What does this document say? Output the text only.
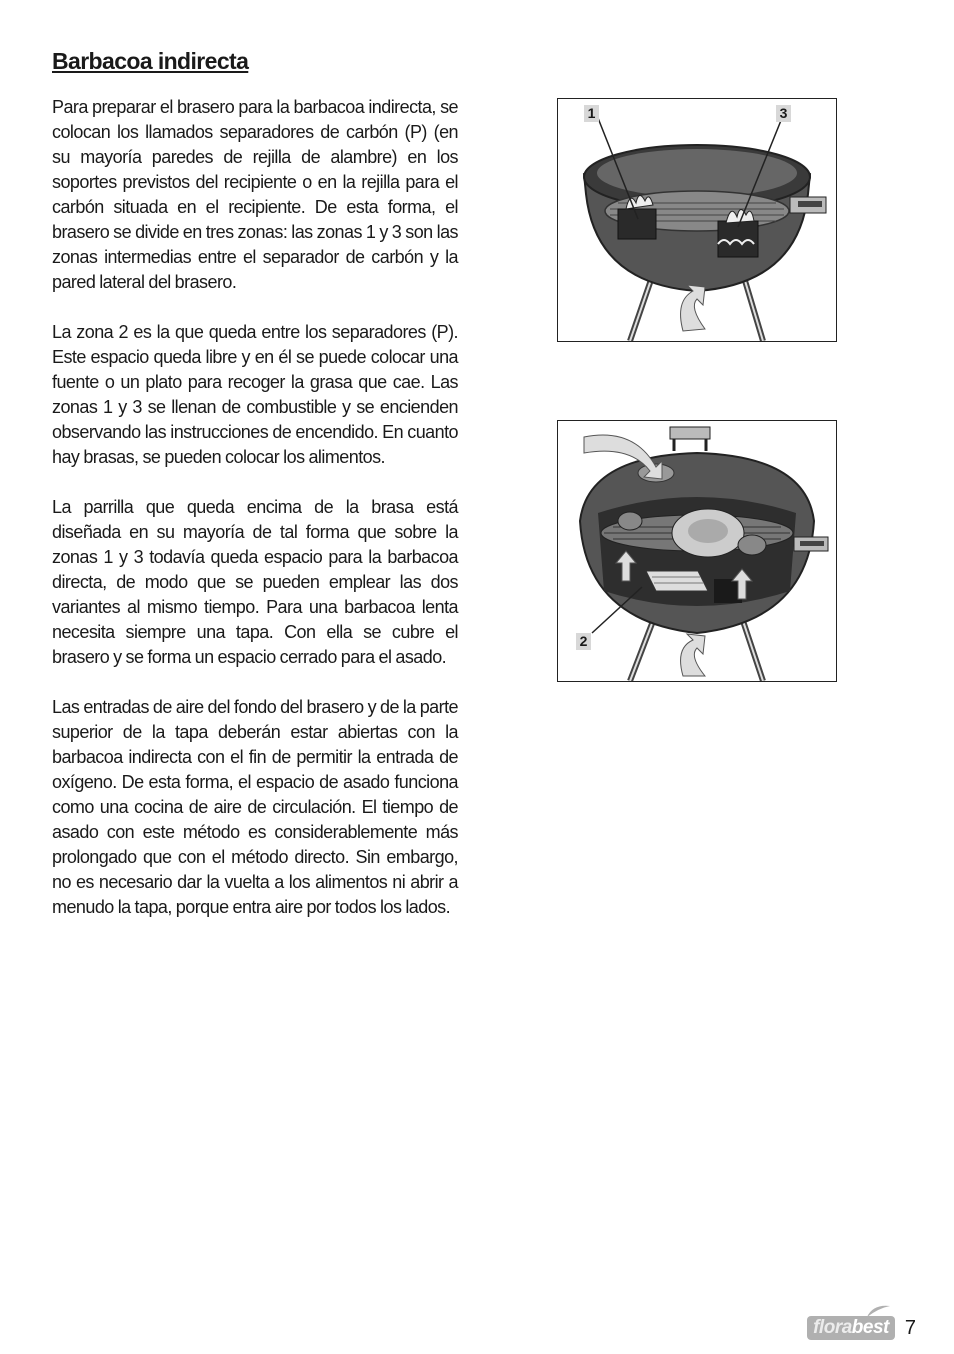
Barbacoa indirecta

Para preparar el brasero para la barbacoa indirecta, se colocan los llamados separadores de carbón (P) (en su mayoría paredes de rejilla de alambre) en los soportes previstos del recipiente o en la rejilla para el carbón situada en el recipiente. De esta forma, el brasero se divide en tres zonas: las zonas 1 y 3 son las zonas intermedias entre el separador de carbón y la pared lateral del brasero.

La zona 2 es la que queda entre los separadores (P). Este espacio queda libre y en él se puede colocar una fuente o un plato para recoger la grasa que cae. Las zonas 1 y 3 se llenan de combustible y se encienden observando las instrucciones de encendido. En cuanto hay brasas, se pueden colocar los alimentos.

La parrilla que queda encima de la brasa está diseñada en su mayoría de tal forma que sobre la zonas 1 y 3 todavía queda espacio para la barbacoa directa, de modo que se pueden emplear las dos variantes al mismo tiempo. Para una barbacoa lenta necesita siempre una tapa. Con ella se cubre el brasero y se forma un espacio cerrado para el asado.

Las entradas de aire del fondo del brasero y de la parte superior de la tapa deberán estar abiertas con la barbacoa indirecta con el fin de permitir la entrada de oxígeno. De esta forma, el espacio de asado funciona como una cocina de aire de circulación. El tiempo de asado con este método es considerablemente más prolongado que con el método directo. Sin embargo, no es necesario dar la vuelta a los alimentos ni abrir a menudo la tapa, porque entra aire por todos los lados.

1	3
2
florabest 7
